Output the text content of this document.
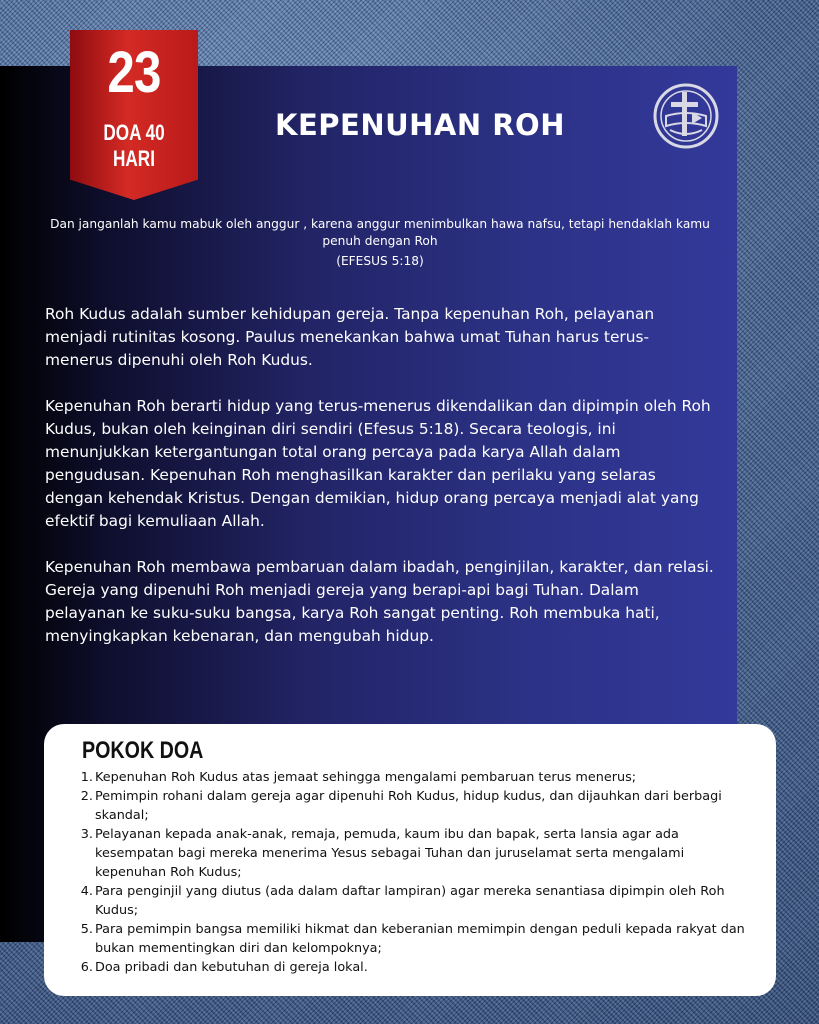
23
DOA 40 HARI
KEPENUHAN ROH
Dan janganlah kamu mabuk oleh anggur , karena anggur menimbulkan hawa nafsu, tetapi hendaklah kamu penuh dengan Roh
(EFESUS 5:18)

Roh Kudus adalah sumber kehidupan gereja. Tanpa kepenuhan Roh, pelayanan menjadi rutinitas kosong. Paulus menekankan bahwa umat Tuhan harus terus-menerus dipenuhi oleh Roh Kudus.

Kepenuhan Roh berarti hidup yang terus-menerus dikendalikan dan dipimpin oleh Roh Kudus, bukan oleh keinginan diri sendiri (Efesus 5:18). Secara teologis, ini menunjukkan ketergantungan total orang percaya pada karya Allah dalam pengudusan. Kepenuhan Roh menghasilkan karakter dan perilaku yang selaras dengan kehendak Kristus. Dengan demikian, hidup orang percaya menjadi alat yang efektif bagi kemuliaan Allah.

Kepenuhan Roh membawa pembaruan dalam ibadah, penginjilan, karakter, dan relasi. Gereja yang dipenuhi Roh menjadi gereja yang berapi-api bagi Tuhan. Dalam pelayanan ke suku-suku bangsa, karya Roh sangat penting. Roh membuka hati, menyingkapkan kebenaran, dan mengubah hidup.

POKOK DOA
1. Kepenuhan Roh Kudus atas jemaat sehingga mengalami pembaruan terus menerus;
2. Pemimpin rohani dalam gereja agar dipenuhi Roh Kudus, hidup kudus, dan dijauhkan dari berbagi skandal;
3. Pelayanan kepada anak-anak, remaja, pemuda, kaum ibu dan bapak, serta lansia agar ada kesempatan bagi mereka menerima Yesus sebagai Tuhan dan juruselamat serta mengalami kepenuhan Roh Kudus;
4. Para penginjil yang diutus (ada dalam daftar lampiran) agar mereka senantiasa dipimpin oleh Roh Kudus;
5. Para pemimpin bangsa memiliki hikmat dan keberanian memimpin dengan peduli kepada rakyat dan bukan mementingkan diri dan kelompoknya;
6. Doa pribadi dan kebutuhan di gereja lokal.
